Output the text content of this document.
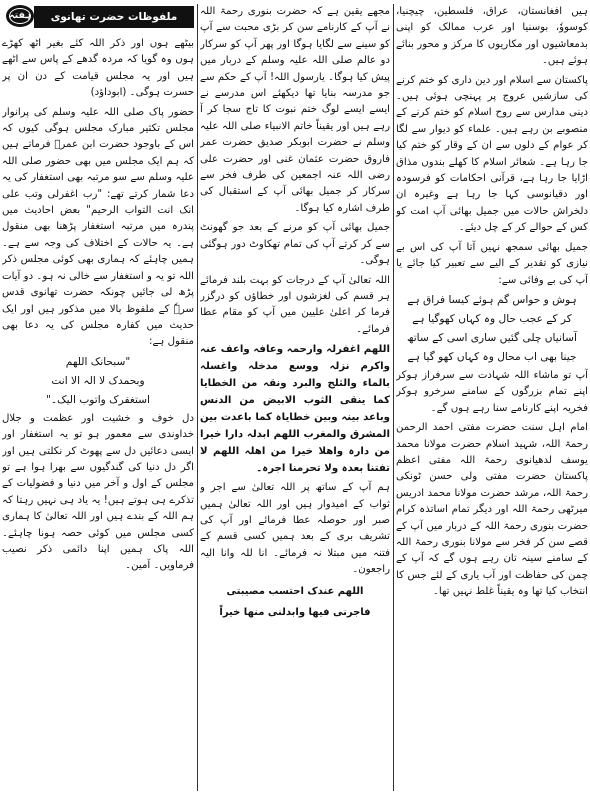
ہفتہ	ملفوظات حضرت تھانوی

بیٹھے ہوں اور ذکر اللہ کئے بغیر اٹھ کھڑے ہوں وہ گویا کہ مردہ گدھے کے پاس سے اٹھے ہیں اور یہ مجلس قیامت کے دن ان پر حسرت ہوگی۔ (ابوداؤد)

حضور پاک صلی اللہ علیہ وسلم کی پرانوار مجلس تکثیر مبارک مجلس ہوگی کیوں کہ اس کے باوجود حضرت ابن عمرؓ فرماتے ہیں کہ ہم ایک مجلس میں بھی حضور صلی اللہ علیہ وسلم سے سو مرتبہ بھی استغفار کی یہ دعا شمار کرتے تھے: "رب اغفرلی وتب علی انک انت التواب الرحیم" بعض احادیث میں پندرہ میں مرتبہ استغفار پڑھنا بھی منقول ہے۔ یہ حالات کے اختلاف کی وجہ سے ہے۔ ہمیں چاہئے کہ ہماری بھی کوئی مجلس ذکر اللہ تو یہ و استغفار سے خالی نہ ہو۔ دو آیات پڑھ لی جائیں چونکہ حضرت تھانوی قدس سرہٗ کے ملفوظ بالا میں مذکور ہیں اور ایک حدیث میں کفارہ مجلس کی یہ دعا بھی منقول ہے:

"سبحانک اللھم

وبحمدک لا الہ الا انت

استغفرک واتوب الیک۔"

دل خوف و خشیت اور عظمت و جلال خداوندی سے معمور ہو تو یہ استغفار اور ایسی دعائیں دل سے پھوٹ کر نکلتی ہیں اور اگر دل دنیا کی گندگیوں سے بھرا ہوا ہے تو مجلس کے اول و آخر میں دنیا و فضولیات کے تذکرے ہی ہوتے ہیں! یہ یاد ہی نہیں رہتا کہ ہم اللہ کے بندے ہیں اور اللہ تعالیٰ کا ہماری کسی مجلس میں کوئی حصہ ہونا چاہئے۔ اللہ پاک ہمیں اپنا دائمی ذکر نصیب فرماویں۔ آمین۔

مجھے یقین ہے کہ حضرت بنوری رحمۃ اللہ نے آپ کے کارنامے سن کر بڑی محبت سے آپ کو سینے سے لگایا ہوگا اور پھر آپ کو سرکار دو عالم صلی اللہ علیہ وسلم کے دربار میں پیش کیا ہوگا۔ یارسول اللہ! آپ کے حکم سے جو مدرسہ بنایا تھا دیکھئے اس مدرسے نے ایسے ایسے لوگ ختم نبوت کا تاج سجا کر آ رہے ہیں اور یقیناً خاتم الانبیاء صلی اللہ علیہ وسلم نے حضرت ابوبکر صدیق حضرت عمر فاروق حضرت عثمان غنی اور حضرت علی رضی اللہ عنہ اجمعین کی طرف فخر سے سرکار کر جمیل بھائی آپ کے استقبال کی طرف اشارہ کیا ہوگا۔

جمیل بھائی آپ کو مرنے کے بعد جو گھونٹ سے کر کرتے آپ کی تمام تھکاوٹ دور ہوگئی ہوگی۔

اللہ تعالیٰ آپ کے درجات کو بہت بلند فرمائے ہر قسم کی لغزشوں اور خطاؤں کو درگزر فرما کر اعلیٰ علیین میں آپ کو مقام عطا فرمائے۔

اللھم اغفرلہ وارحمہ وعافہ واعف عنہ واکرم نزلہ ووسع مدخلہ واغسلہ بالماء والثلج والبرد ونقہ من الخطایا کما ینقی الثوب الابیض من الدنس وباعد بینہ وبین خطایاہ کما باعدت بین المشرق والمغرب اللھم ابدلہ دارا خیرا من دارہ واھلا خیرا من اھلہ اللھم لا تفتنا بعدہ ولا تحرمنا اجرہ۔

ہم آپ کے ساتھ پر اللہ تعالیٰ سے اجر و ثواب کے امیدوار ہیں اور اللہ تعالیٰ ہمیں صبر اور حوصلہ عطا فرمائے اور آپ کی تشریف بری کے بعد ہمیں کسی قسم کے فتنہ میں مبتلا نہ فرمائے۔ انا للہ وانا الیہ راجعون۔

اللھم عندک احتسب مصیبتی

فاجرنی فیھا وابدلنی منھا خیراً

ہیں افغانستان، عراق، فلسطین، چیچنیا، کوسووٗ، بوسنیا اور عرب ممالک کو اپنی بدمعاشیوں اور مکاریوں کا مرکز و محور بنائے ہوئے ہیں۔

پاکستان سے اسلام اور دین داری کو ختم کرنے کی سازشیں عروج پر پہنچی ہوئی ہیں۔ دینی مدارس سے روح اسلام کو ختم کرنے کے منصوبے بن رہے ہیں۔ علماء کو دیوار سے لگا کر عوام کے دلوں سے ان کے وقار کو ختم کیا جا رہا ہے۔ شعائر اسلام کا کھلے بندوں مذاق اڑایا جا رہا ہے، قرآنی احکامات کو فرسودہ اور دقیانوسی کہا جا رہا ہے وغیرہ ان دلخراش حالات میں جمیل بھائی آپ امت کو کس کے حوالے کر کے چل دیئے۔

جمیل بھائی سمجھ نہیں آتا آپ کی اس بے نیازی کو تقدیر کے الیے سے تعبیر کیا جائے یا آپ کی بے وفائی سے:

ہوش و حواس گم ہوئے کیسا فراق ہے

کر کے عجب حال وہ کہاں کھوگیا ہے

آسانیاں چلی گئیں ساری اسی کے ساتھ

جینا بھی اب محال وہ کہاں کھو گیا ہے

آپ تو ماشاء اللہ شہادت سے سرفراز ہوکر اپنے تمام بزرگوں کے سامنے سرخرو ہوکر فخریہ اپنے کارنامے سنا رہے ہوں گے۔

امام اہل سنت حضرت مفتی احمد الرحمن رحمۃ اللہ، شہید اسلام حضرت مولانا محمد یوسف لدھیانوی رحمۃ اللہ مفتی اعظم پاکستان حضرت مفتی ولی حسن ٹونکی رحمۃ اللہ، مرشد حضرت مولانا محمد ادریس میرٹھی رحمۃ اللہ اور دیگر تمام اساتذہ کرام حضرت بنوری رحمۃ اللہ کے دربار میں آپ کے قصے سن کر فخر سے مولانا بنوری رحمۃ اللہ کے سامنے سینہ تان رہے ہوں گے کہ آپ کے چمن کی حفاظت اور آب یاری کے لئے جس کا انتخاب کیا تھا وہ یقیناً غلط نہیں تھا۔
